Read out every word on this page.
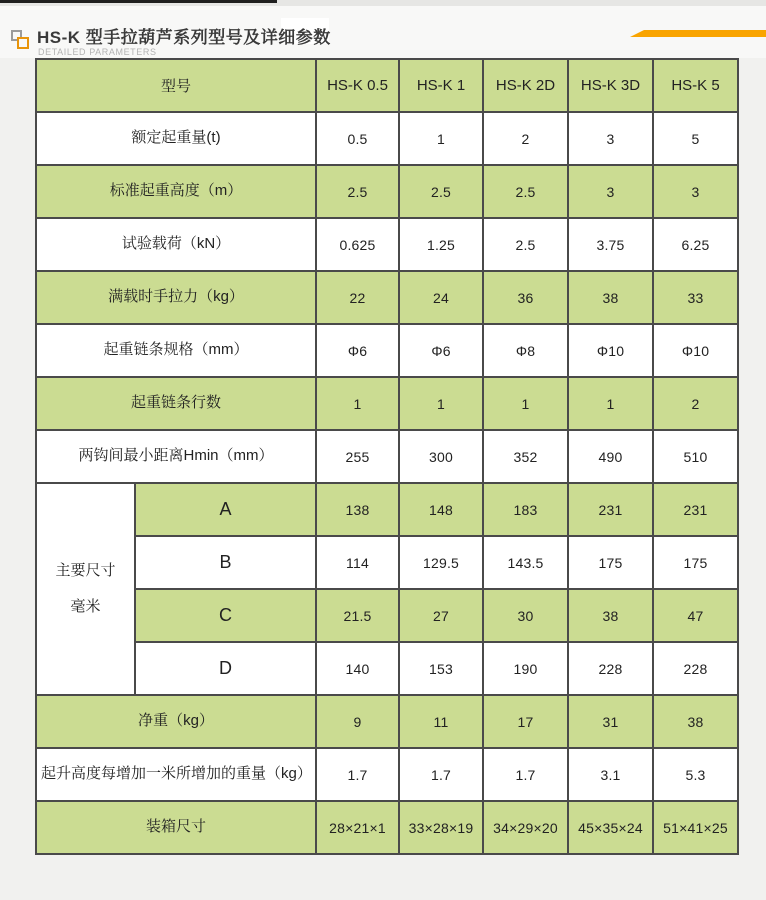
HS-K 型手拉葫芦系列型号及详细参数
DETAILED PARAMETERS
型号		HS-K 0.5	HS-K 1	HS-K 2D	HS-K 3D	HS-K 5
额定起重量(t)		0.5	1	2	3	5
标准起重高度（m）		2.5	2.5	2.5	3	3
试验载荷（kN）		0.625	1.25	2.5	3.75	6.25
满载时手拉力（kg）		22	24	36	38	33
起重链条规格（mm）		Φ6	Φ6	Φ8	Φ10	Φ10
起重链条行数		1	1	1	1	2
两钩间最小距离Hmin（mm）		255	300	352	490	510

主要尺寸
毫米	A	138	148	183	231	231
	B	114	129.5	143.5	175	175
	C	21.5	27	30	38	47
	D	140	153	190	228	228
净重（kg）		9	11	17	31	38
起升高度每增加一米所增加的重量（kg）		1.7	1.7	1.7	3.1	5.3
装箱尺寸		28×21×1	33×28×19	34×29×20	45×35×24	51×41×25
